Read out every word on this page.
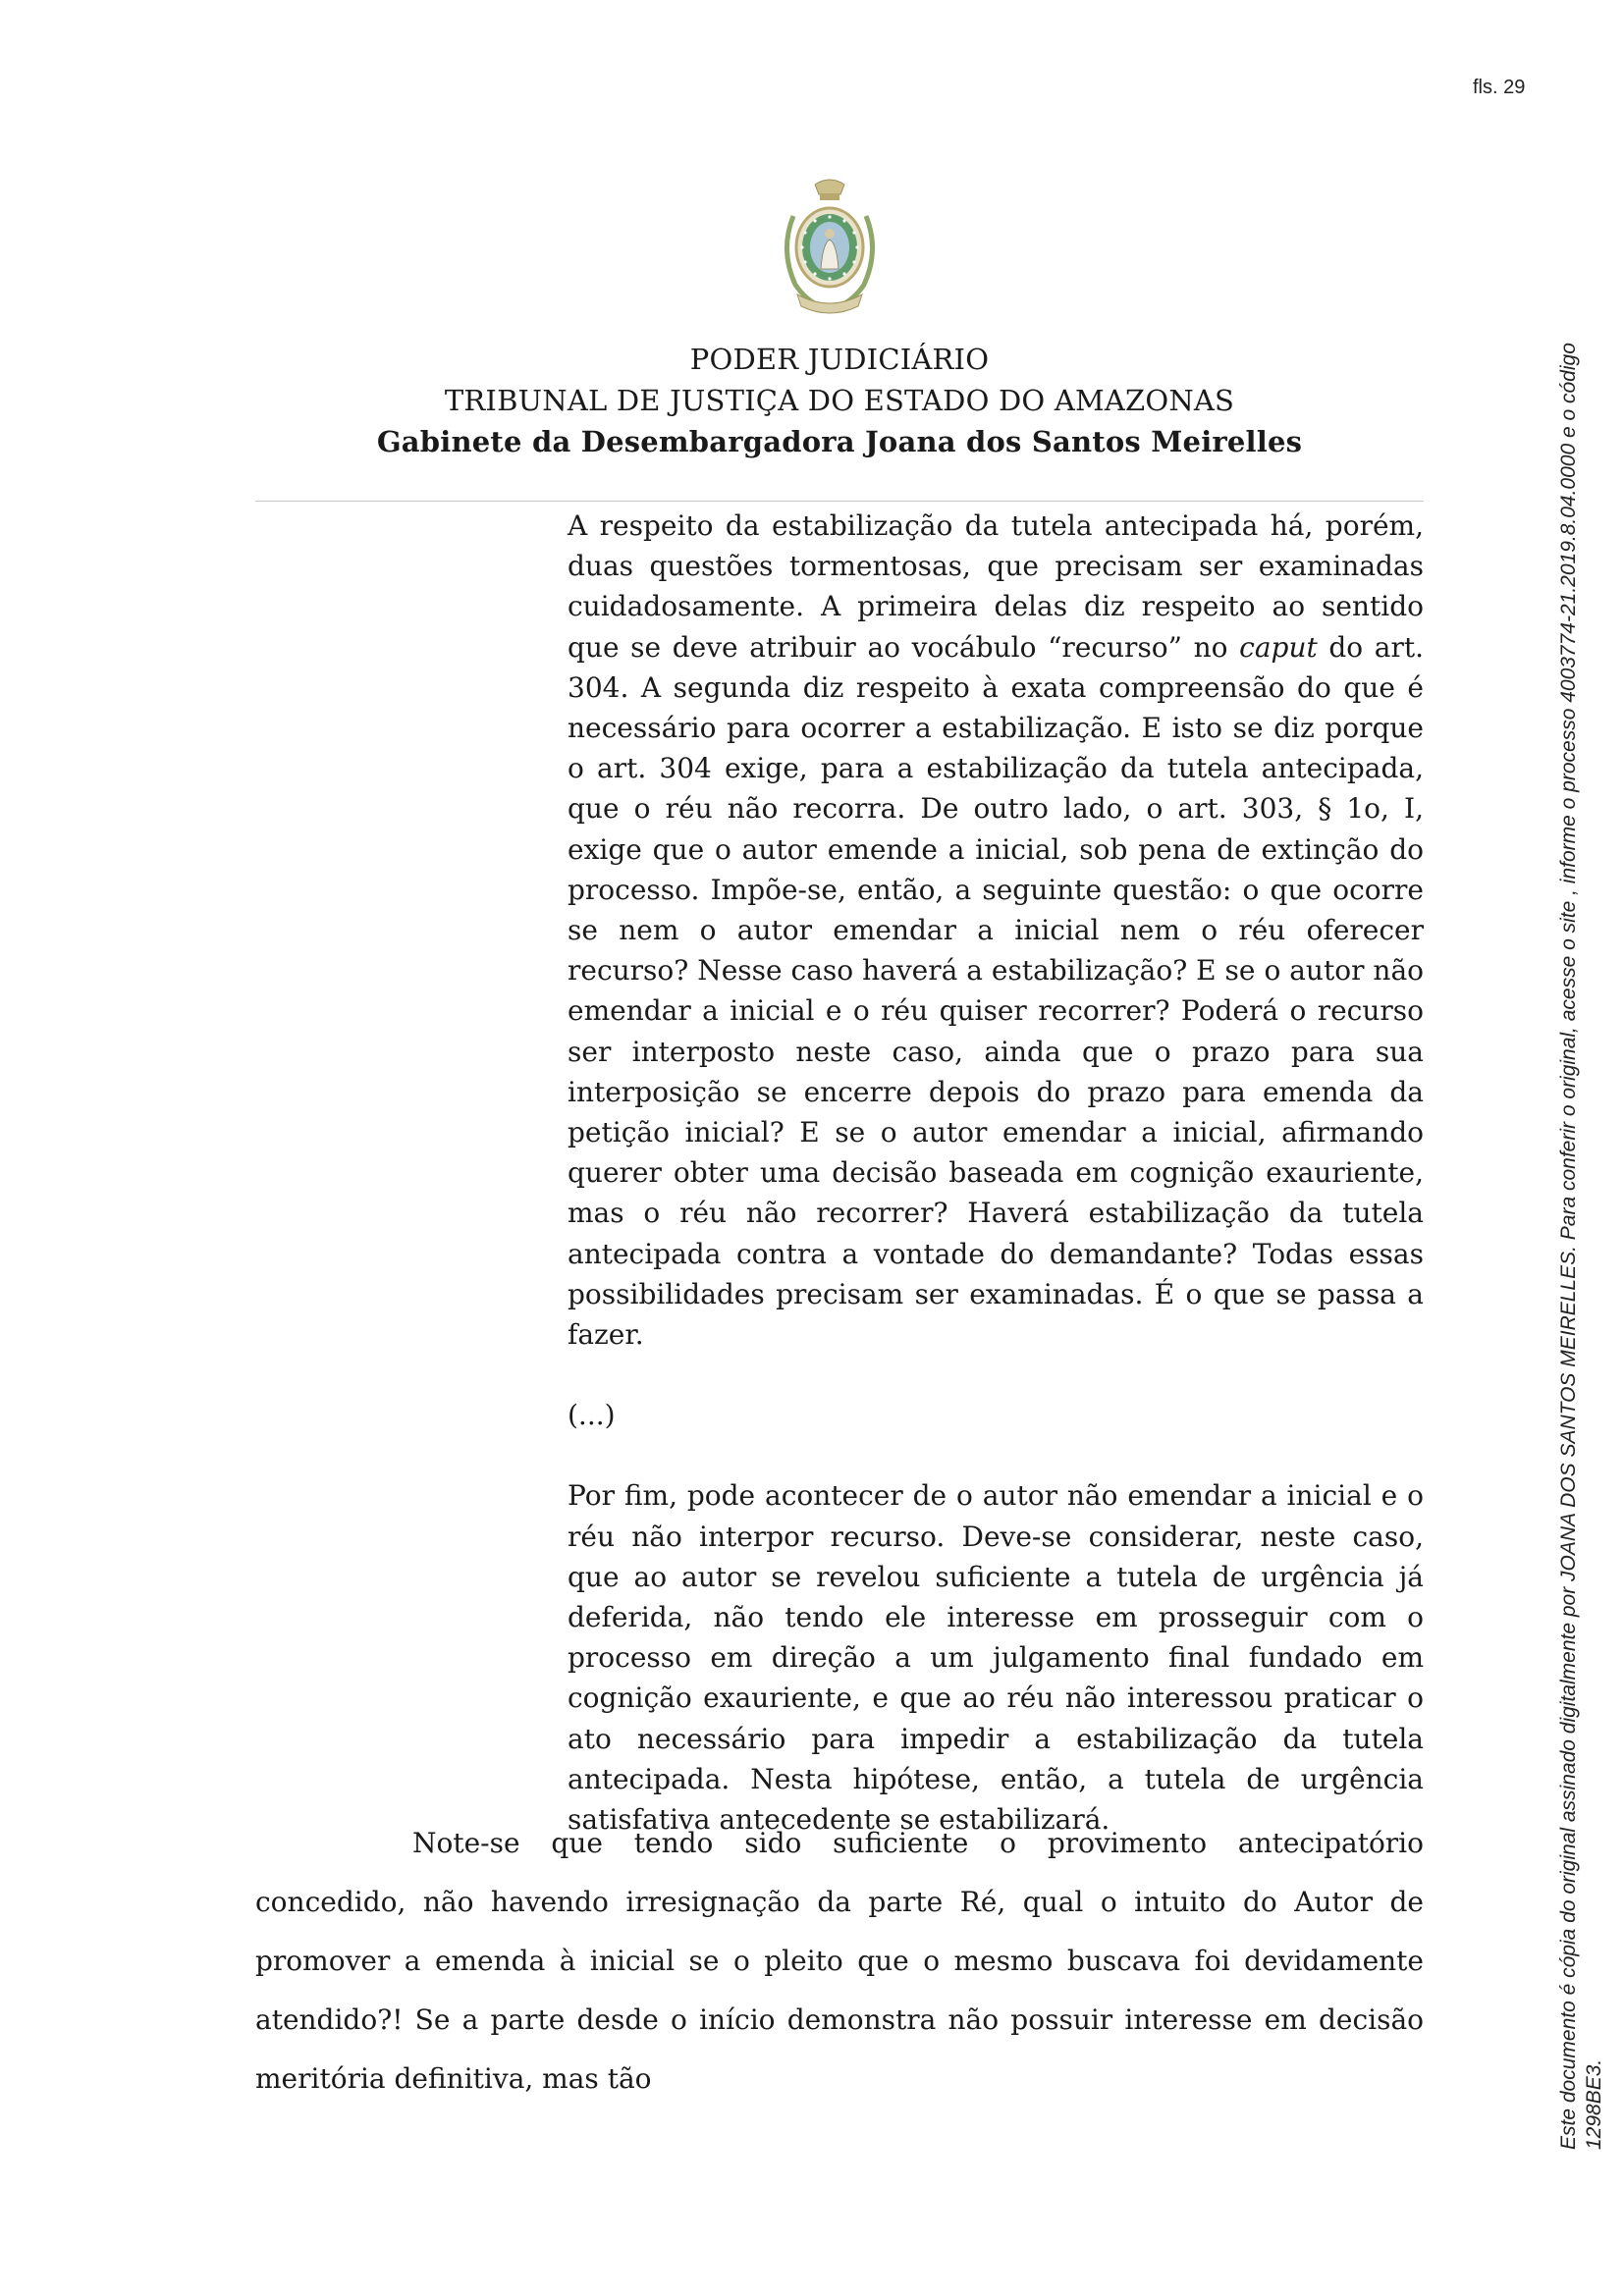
fls. 29
PODER JUDICIÁRIO
TRIBUNAL DE JUSTIÇA DO ESTADO DO AMAZONAS
Gabinete da Desembargadora Joana dos Santos Meirelles

A respeito da estabilização da tutela antecipada há, porém, duas questões tormentosas, que precisam ser examinadas cuidadosamente. A primeira delas diz respeito ao sentido que se deve atribuir ao vocábulo “recurso” no caput do art. 304. A segunda diz respeito à exata compreensão do que é necessário para ocorrer a estabilização. E isto se diz porque o art. 304 exige, para a estabilização da tutela antecipada, que o réu não recorra. De outro lado, o art. 303, § 1o, I, exige que o autor emende a inicial, sob pena de extinção do processo. Impõe-se, então, a seguinte questão: o que ocorre se nem o autor emendar a inicial nem o réu oferecer recurso? Nesse caso haverá a estabilização? E se o autor não emendar a inicial e o réu quiser recorrer? Poderá o recurso ser interposto neste caso, ainda que o prazo para sua interposição se encerre depois do prazo para emenda da petição inicial? E se o autor emendar a inicial, afirmando querer obter uma decisão baseada em cognição exauriente, mas o réu não recorrer? Haverá estabilização da tutela antecipada contra a vontade do demandante? Todas essas possibilidades precisam ser examinadas. É o que se passa a fazer.

(...)

Por fim, pode acontecer de o autor não emendar a inicial e o réu não interpor recurso. Deve-se considerar, neste caso, que ao autor se revelou suficiente a tutela de urgência já deferida, não tendo ele interesse em prosseguir com o processo em direção a um julgamento final fundado em cognição exauriente, e que ao réu não interessou praticar o ato necessário para impedir a estabilização da tutela antecipada. Nesta hipótese, então, a tutela de urgência satisfativa antecedente se estabilizará.

Note-se que tendo sido suficiente o provimento antecipatório concedido, não havendo irresignação da parte Ré, qual o intuito do Autor de promover a emenda à inicial se o pleito que o mesmo buscava foi devidamente atendido?! Se a parte desde o início demonstra não possuir interesse em decisão meritória definitiva, mas tão	Este documento é cópia do original assinado digitalmente por JOANA DOS SANTOS MEIRELLES. Para conferir o original, acesse o site , informe o processo 4003774-21.2019.8.04.0000 e o código 1298BE3.
